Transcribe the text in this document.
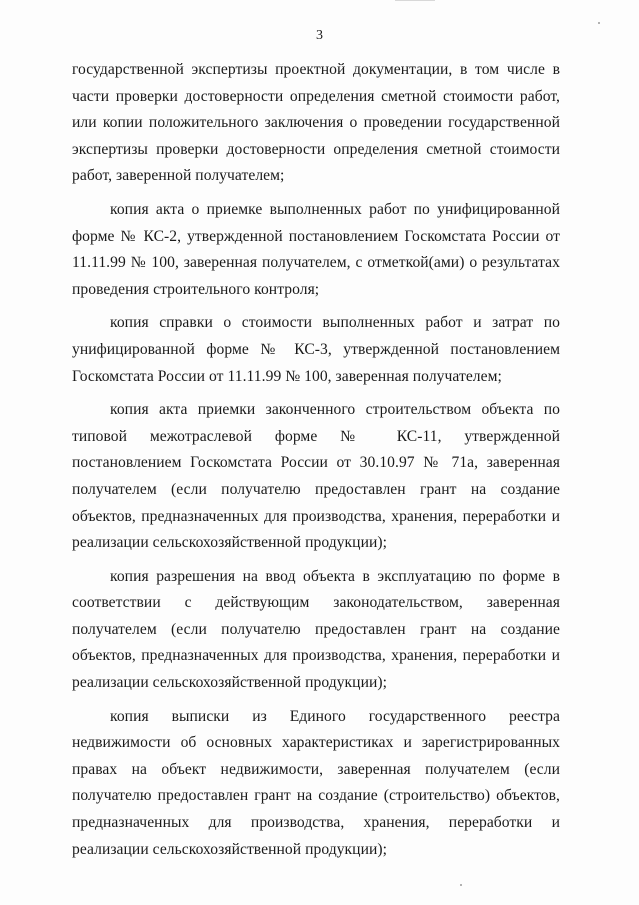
3

государственной экспертизы проектной документации, в том числе в части проверки достоверности определения сметной стоимости работ, или копии положительного заключения о проведении государственной экспертизы проверки достоверности определения сметной стоимости работ, заверенной получателем;

копия акта о приемке выполненных работ по унифицированной форме № КС-2, утвержденной постановлением Госкомстата России от 11.11.99 № 100, заверенная получателем, с отметкой(ами) о результатах проведения строительного контроля;

копия справки о стоимости выполненных работ и затрат по унифицированной форме № КС-3, утвержденной постановлением Госкомстата России от 11.11.99 № 100, заверенная получателем;

копия акта приемки законченного строительством объекта по типовой межотраслевой форме № КС-11, утвержденной постановлением Госкомстата России от 30.10.97 № 71а, заверенная получателем (если получателю предоставлен грант на создание объектов, предназначенных для производства, хранения, переработки и реализации сельскохозяйственной продукции);

копия разрешения на ввод объекта в эксплуатацию по форме в соответствии с действующим законодательством, заверенная получателем (если получателю предоставлен грант на создание объектов, предназначенных для производства, хранения, переработки и реализации сельскохозяйственной продукции);

копия выписки из Единого государственного реестра недвижимости об основных характеристиках и зарегистрированных правах на объект недвижимости, заверенная получателем (если получателю предоставлен грант на создание (строительство) объектов, предназначенных для производства, хранения, переработки и реализации сельскохозяйственной продукции);
